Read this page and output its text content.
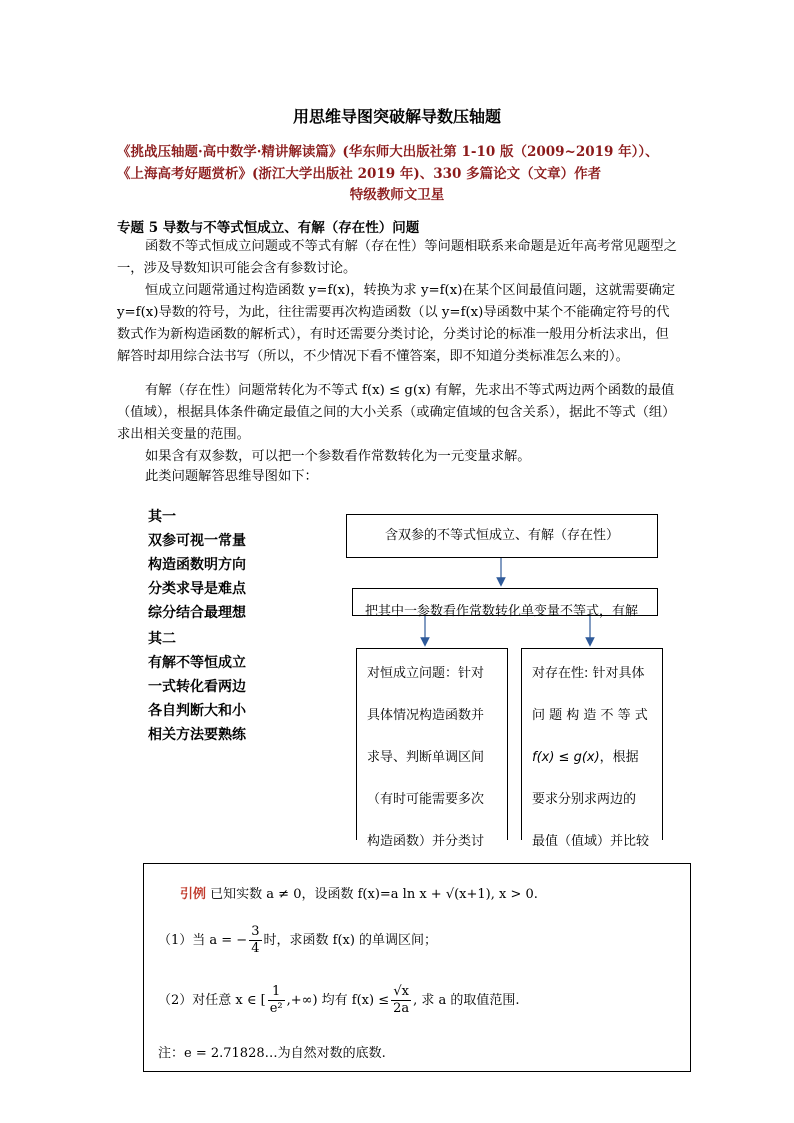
用思维导图突破解导数压轴题
《挑战压轴题·高中数学·精讲解读篇》(华东师大出版社第 1-10 版（2009~2019 年））、
《上海高考好题赏析》(浙江大学出版社 2019 年)、330 多篇论文（文章）作者
特级教师文卫星
专题 5 导数与不等式恒成立、有解（存在性）问题
函数不等式恒成立问题或不等式有解（存在性）等问题相联系来命题是近年高考常见题型之一，涉及导数知识可能会含有参数讨论。
恒成立问题常通过构造函数 y=f(x)，转换为求 y=f(x)在某个区间最值问题，这就需要确定 y=f(x)导数的符号，为此，往往需要再次构造函数（以 y=f(x)导函数中某个不能确定符号的代数式作为新构造函数的解析式），有时还需要分类讨论，分类讨论的标准一般用分析法求出，但解答时却用综合法书写（所以，不少情况下看不懂答案，即不知道分类标准怎么来的）。
有解（存在性）问题常转化为不等式 f(x) ≤ g(x) 有解，先求出不等式两边两个函数的最值（值域），根据具体条件确定最值之间的大小关系（或确定值域的包含关系），据此不等式（组）求出相关变量的范围。
如果含有双参数，可以把一个参数看作常数转化为一元变量求解。
此类问题解答思维导图如下：
其一
双参可视一常量
构造函数明方向
分类求导是难点
综分结合最理想
其二
有解不等恒成立
一式转化看两边
各自判断大和小
相关方法要熟练
含双参的不等式恒成立、有解（存在性）
把其中一参数看作常数转化单变量不等式，有解
对恒成立问题：针对
具体情况构造函数并
求导、判断单调区间
（有时可能需要多次
构造函数）并分类讨
对存在性: 针对具体
问 题 构 造 不 等 式
f(x) ≤ g(x)，根据
要求分别求两边的
最值（值域）并比较
引例 已知实数 a ≠ 0，设函数 f(x)=a ln x + √(x+1), x > 0.
（1）当 a = − $\frac{3}{4}$ 时，求函数 f(x) 的单调区间；
（2）对任意 x ∈ [ $\frac{1}{\text{e²}}$ ,+∞) 均有 $f(x) \le \frac{√x}{2a}$ , 求 a 的取值范围.
注：e = 2.71828…为自然对数的底数.
